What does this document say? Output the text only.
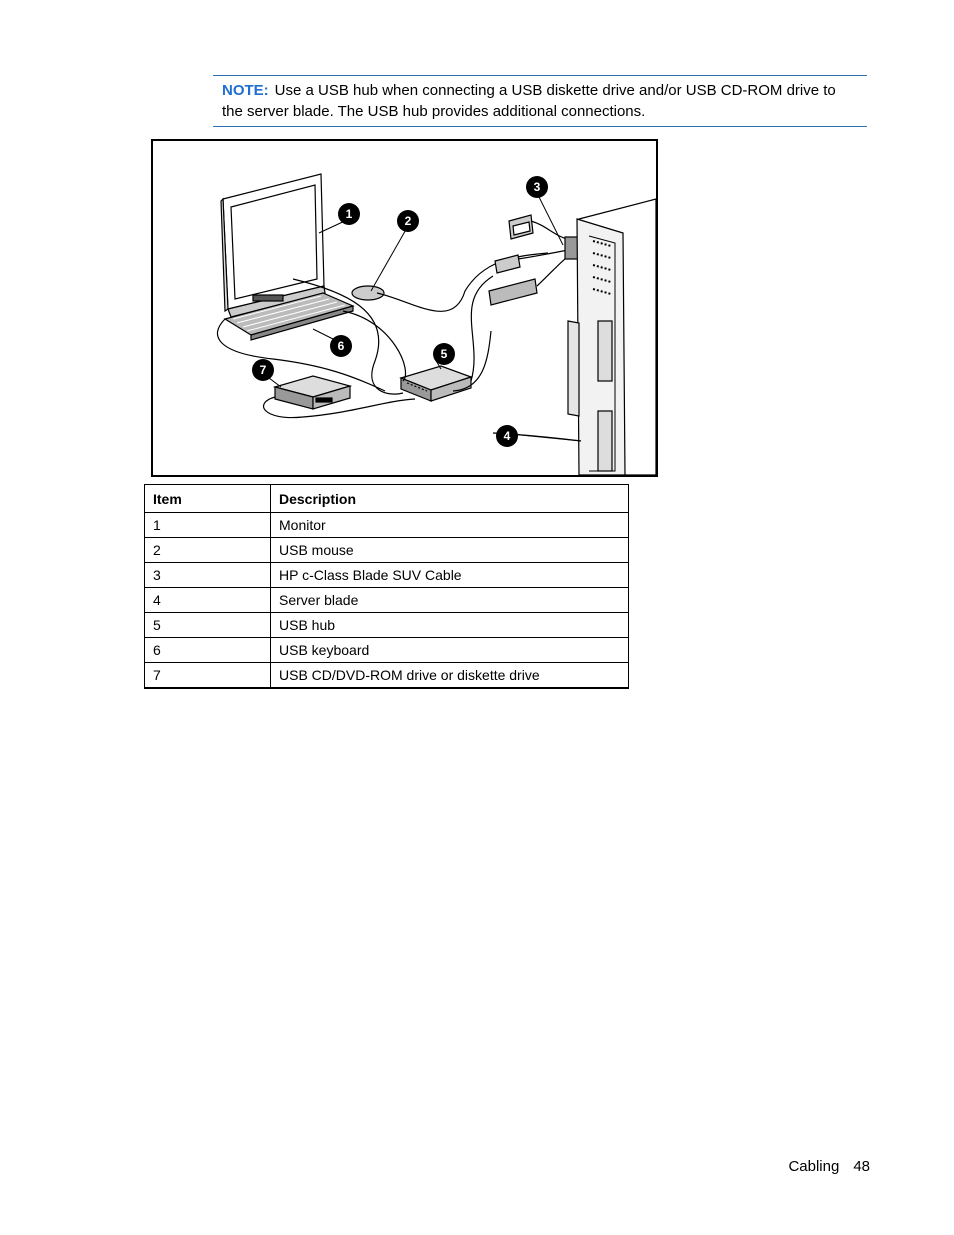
NOTE: Use a USB hub when connecting a USB diskette drive and/or USB CD-ROM drive to the server blade. The USB hub provides additional connections.
1	2
3
4
5
6
7
Item	Description
1	Monitor
2	USB mouse
3	HP c-Class Blade SUV Cable
4	Server blade
5	USB hub
6	USB keyboard
7	USB CD/DVD-ROM drive or diskette drive
Cabling 48
